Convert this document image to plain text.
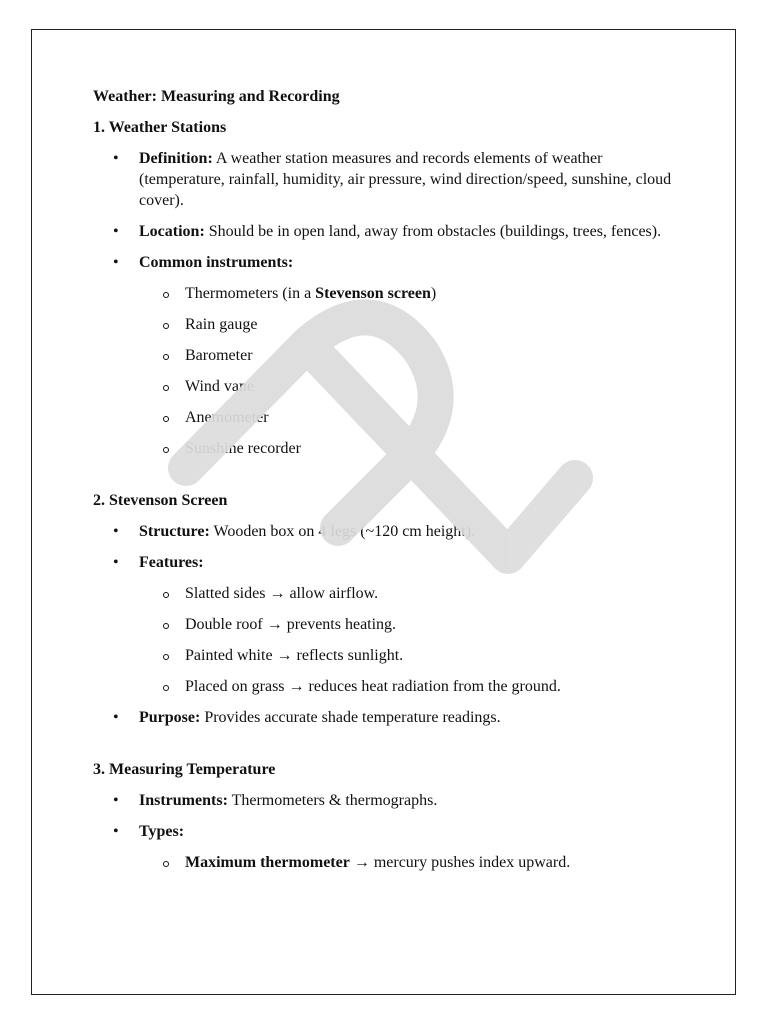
Weather: Measuring and Recording
1. Weather Stations
• Definition: A weather station measures and records elements of weather (temperature, rainfall, humidity, air pressure, wind direction/speed, sunshine, cloud cover).
• Location: Should be in open land, away from obstacles (buildings, trees, fences).
• Common instruments:
Thermometers (in a Stevenson screen)
Rain gauge
Barometer
Wind vane
Anemometer
Sunshine recorder
2. Stevenson Screen
• Structure: Wooden box on 4 legs (~120 cm height).
• Features:
Slatted sides → allow airflow.
Double roof → prevents heating.
Painted white → reflects sunlight.
Placed on grass → reduces heat radiation from the ground.
• Purpose: Provides accurate shade temperature readings.
3. Measuring Temperature
• Instruments: Thermometers & thermographs.
• Types:
Maximum thermometer → mercury pushes index upward.
